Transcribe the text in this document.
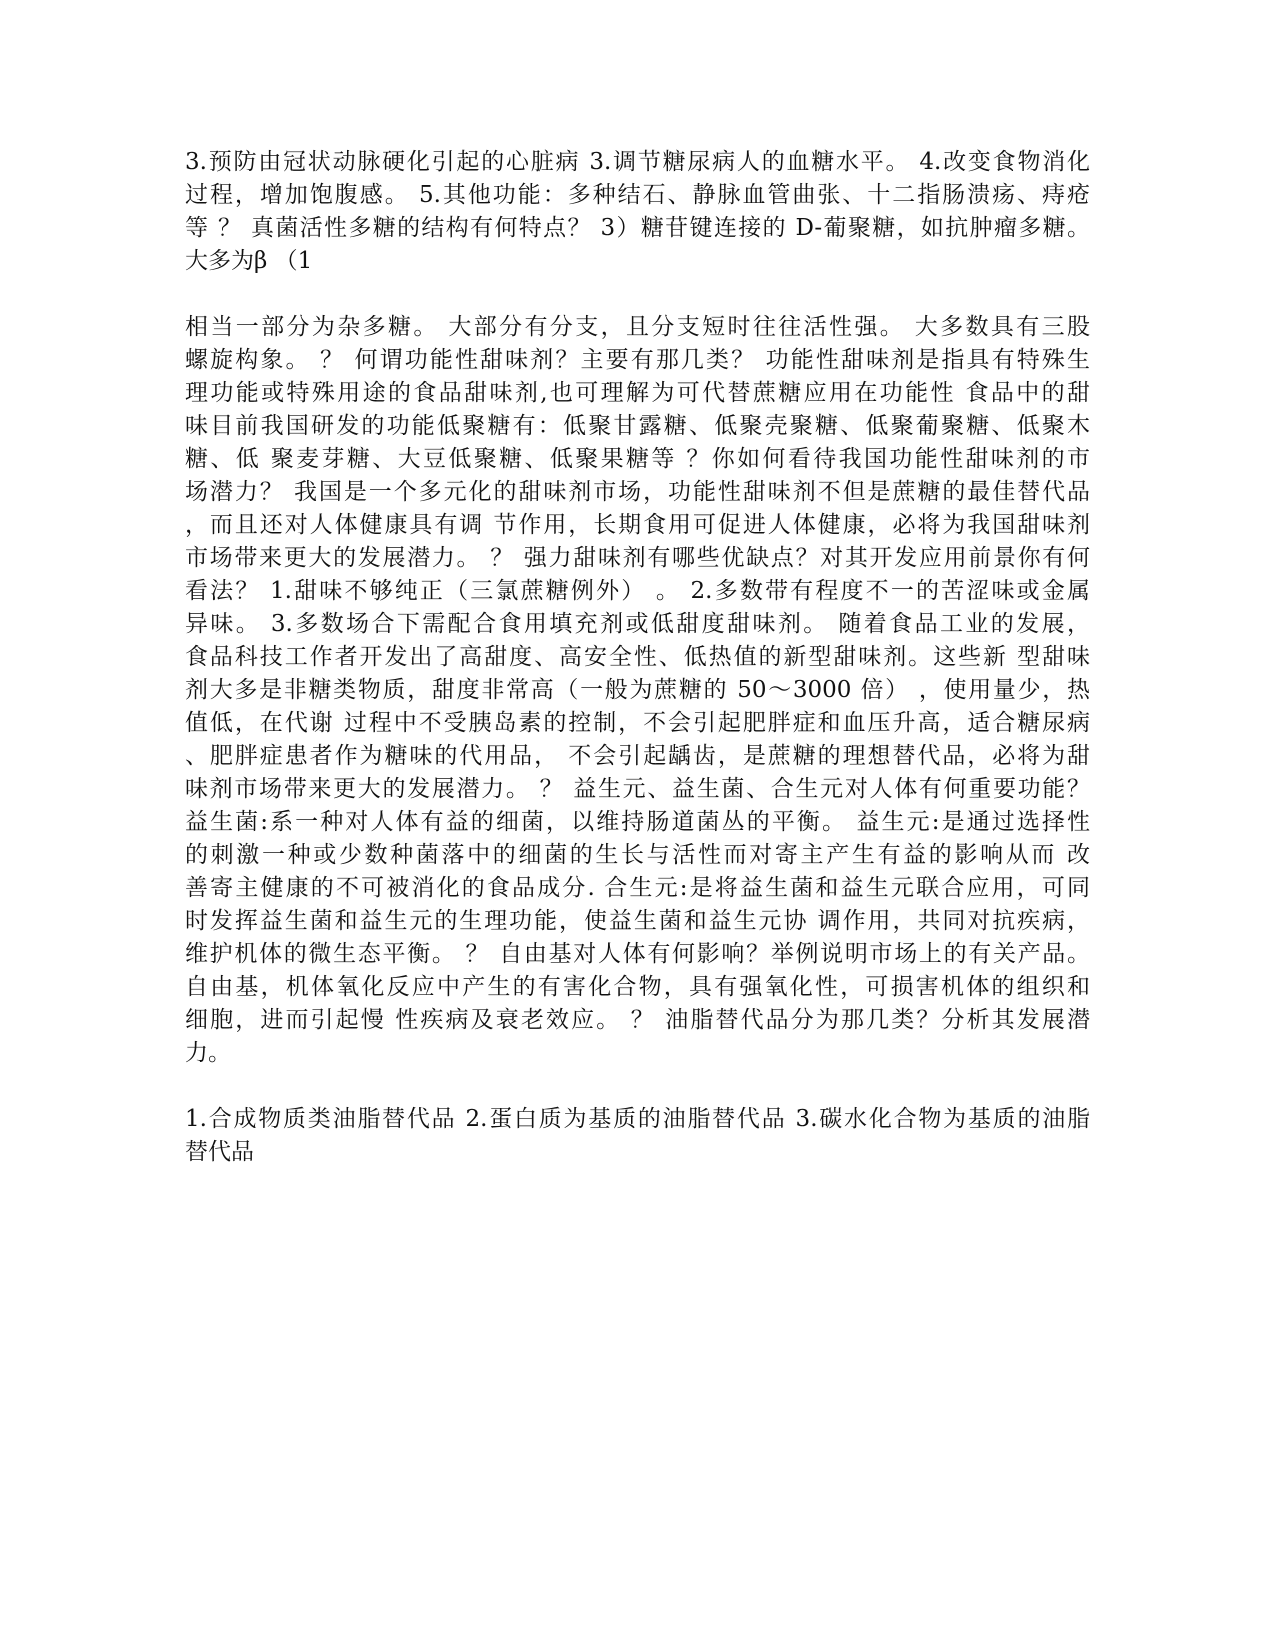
3.预防由冠状动脉硬化引起的心脏病 3.调节糖尿病人的血糖水平。 4.改变食物消化
过程，增加饱腹感。 5.其他功能：多种结石、静脉血管曲张、十二指肠溃疡、痔疮
等 ？ 真菌活性多糖的结构有何特点？ 3）糖苷键连接的 D-葡聚糖，如抗肿瘤多糖。
大多为β （1
相当一部分为杂多糖。 大部分有分支，且分支短时往往活性强。 大多数具有三股
螺旋构象。 ？ 何谓功能性甜味剂？主要有那几类？ 功能性甜味剂是指具有特殊生
理功能或特殊用途的食品甜味剂,也可理解为可代替蔗糖应用在功能性 食品中的甜
味目前我国研发的功能低聚糖有：低聚甘露糖、低聚壳聚糖、低聚葡聚糖、低聚木
糖、低 聚麦芽糖、大豆低聚糖、低聚果糖等 ？你如何看待我国功能性甜味剂的市
场潜力？ 我国是一个多元化的甜味剂市场，功能性甜味剂不但是蔗糖的最佳替代品
，而且还对人体健康具有调 节作用，长期食用可促进人体健康，必将为我国甜味剂
市场带来更大的发展潜力。 ？ 强力甜味剂有哪些优缺点？对其开发应用前景你有何
看法？ 1.甜味不够纯正（三氯蔗糖例外） 。 2.多数带有程度不一的苦涩味或金属
异味。 3.多数场合下需配合食用填充剂或低甜度甜味剂。 随着食品工业的发展，
食品科技工作者开发出了高甜度、高安全性、低热值的新型甜味剂。这些新 型甜味
剂大多是非糖类物质，甜度非常高（一般为蔗糖的 50～3000 倍） ，使用量少，热
值低，在代谢 过程中不受胰岛素的控制，不会引起肥胖症和血压升高，适合糖尿病
、肥胖症患者作为糖味的代用品， 不会引起龋齿，是蔗糖的理想替代品，必将为甜
味剂市场带来更大的发展潜力。 ？ 益生元、益生菌、合生元对人体有何重要功能？
益生菌:系一种对人体有益的细菌，以维持肠道菌丛的平衡。 益生元:是通过选择性
的刺激一种或少数种菌落中的细菌的生长与活性而对寄主产生有益的影响从而 改
善寄主健康的不可被消化的食品成分. 合生元:是将益生菌和益生元联合应用，可同
时发挥益生菌和益生元的生理功能，使益生菌和益生元协 调作用，共同对抗疾病，
维护机体的微生态平衡。 ？ 自由基对人体有何影响？举例说明市场上的有关产品。
自由基，机体氧化反应中产生的有害化合物，具有强氧化性，可损害机体的组织和
细胞，进而引起慢 性疾病及衰老效应。 ？ 油脂替代品分为那几类？分析其发展潜
力。
1.合成物质类油脂替代品 2.蛋白质为基质的油脂替代品 3.碳水化合物为基质的油脂
替代品
